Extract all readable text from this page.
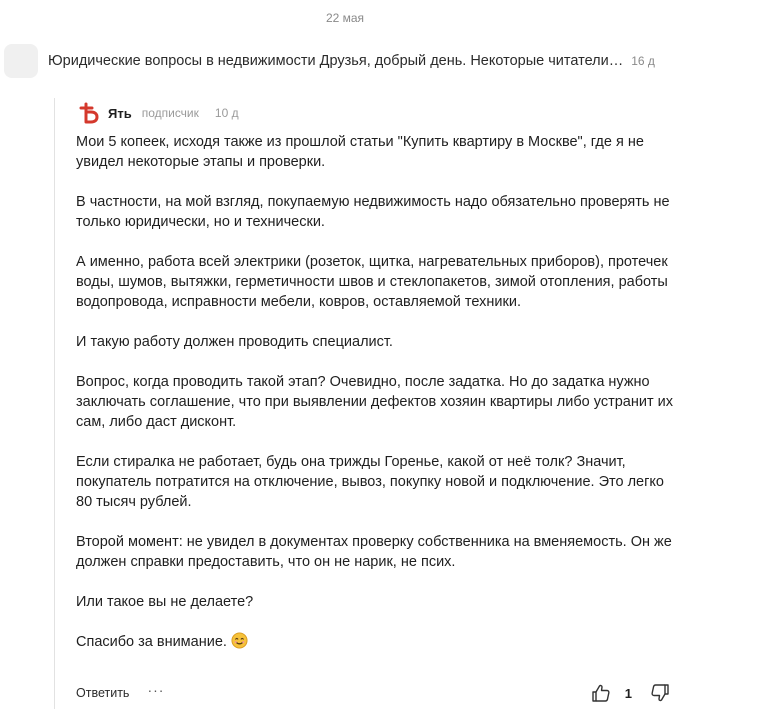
22 мая
Юридические вопросы в недвижимости Друзья, добрый день. Некоторые читатели… 16 д
Ять подписчик 10 д

Мои 5 копеек, исходя также из прошлой статьи "Купить квартиру в Москве", где я не увидел некоторые этапы и проверки.

В частности, на мой взгляд, покупаемую недвижимость надо обязательно проверять не только юридически, но и технически.

А именно, работа всей электрики (розеток, щитка, нагревательных приборов), протечек воды, шумов, вытяжки, герметичности швов и стеклопакетов, зимой отопления, работы водопровода, исправности мебели, ковров, оставляемой техники.

И такую работу должен проводить специалист.

Вопрос, когда проводить такой этап? Очевидно, после задатка. Но до задатка нужно заключать соглашение, что при выявлении дефектов хозяин квартиры либо устранит их сам, либо даст дисконт.

Если стиралка не работает, будь она трижды Горенье, какой от неё толк? Значит, покупатель потратится на отключение, вывоз, покупку новой и подключение. Это легко 80 тысяч рублей.

Второй момент: не увидел в документах проверку собственника на вменяемость. Он же должен справки предоставить, что он не нарик, не псих.

Или такое вы не делаете?

Спасибо за внимание.

Ответить ···	1
